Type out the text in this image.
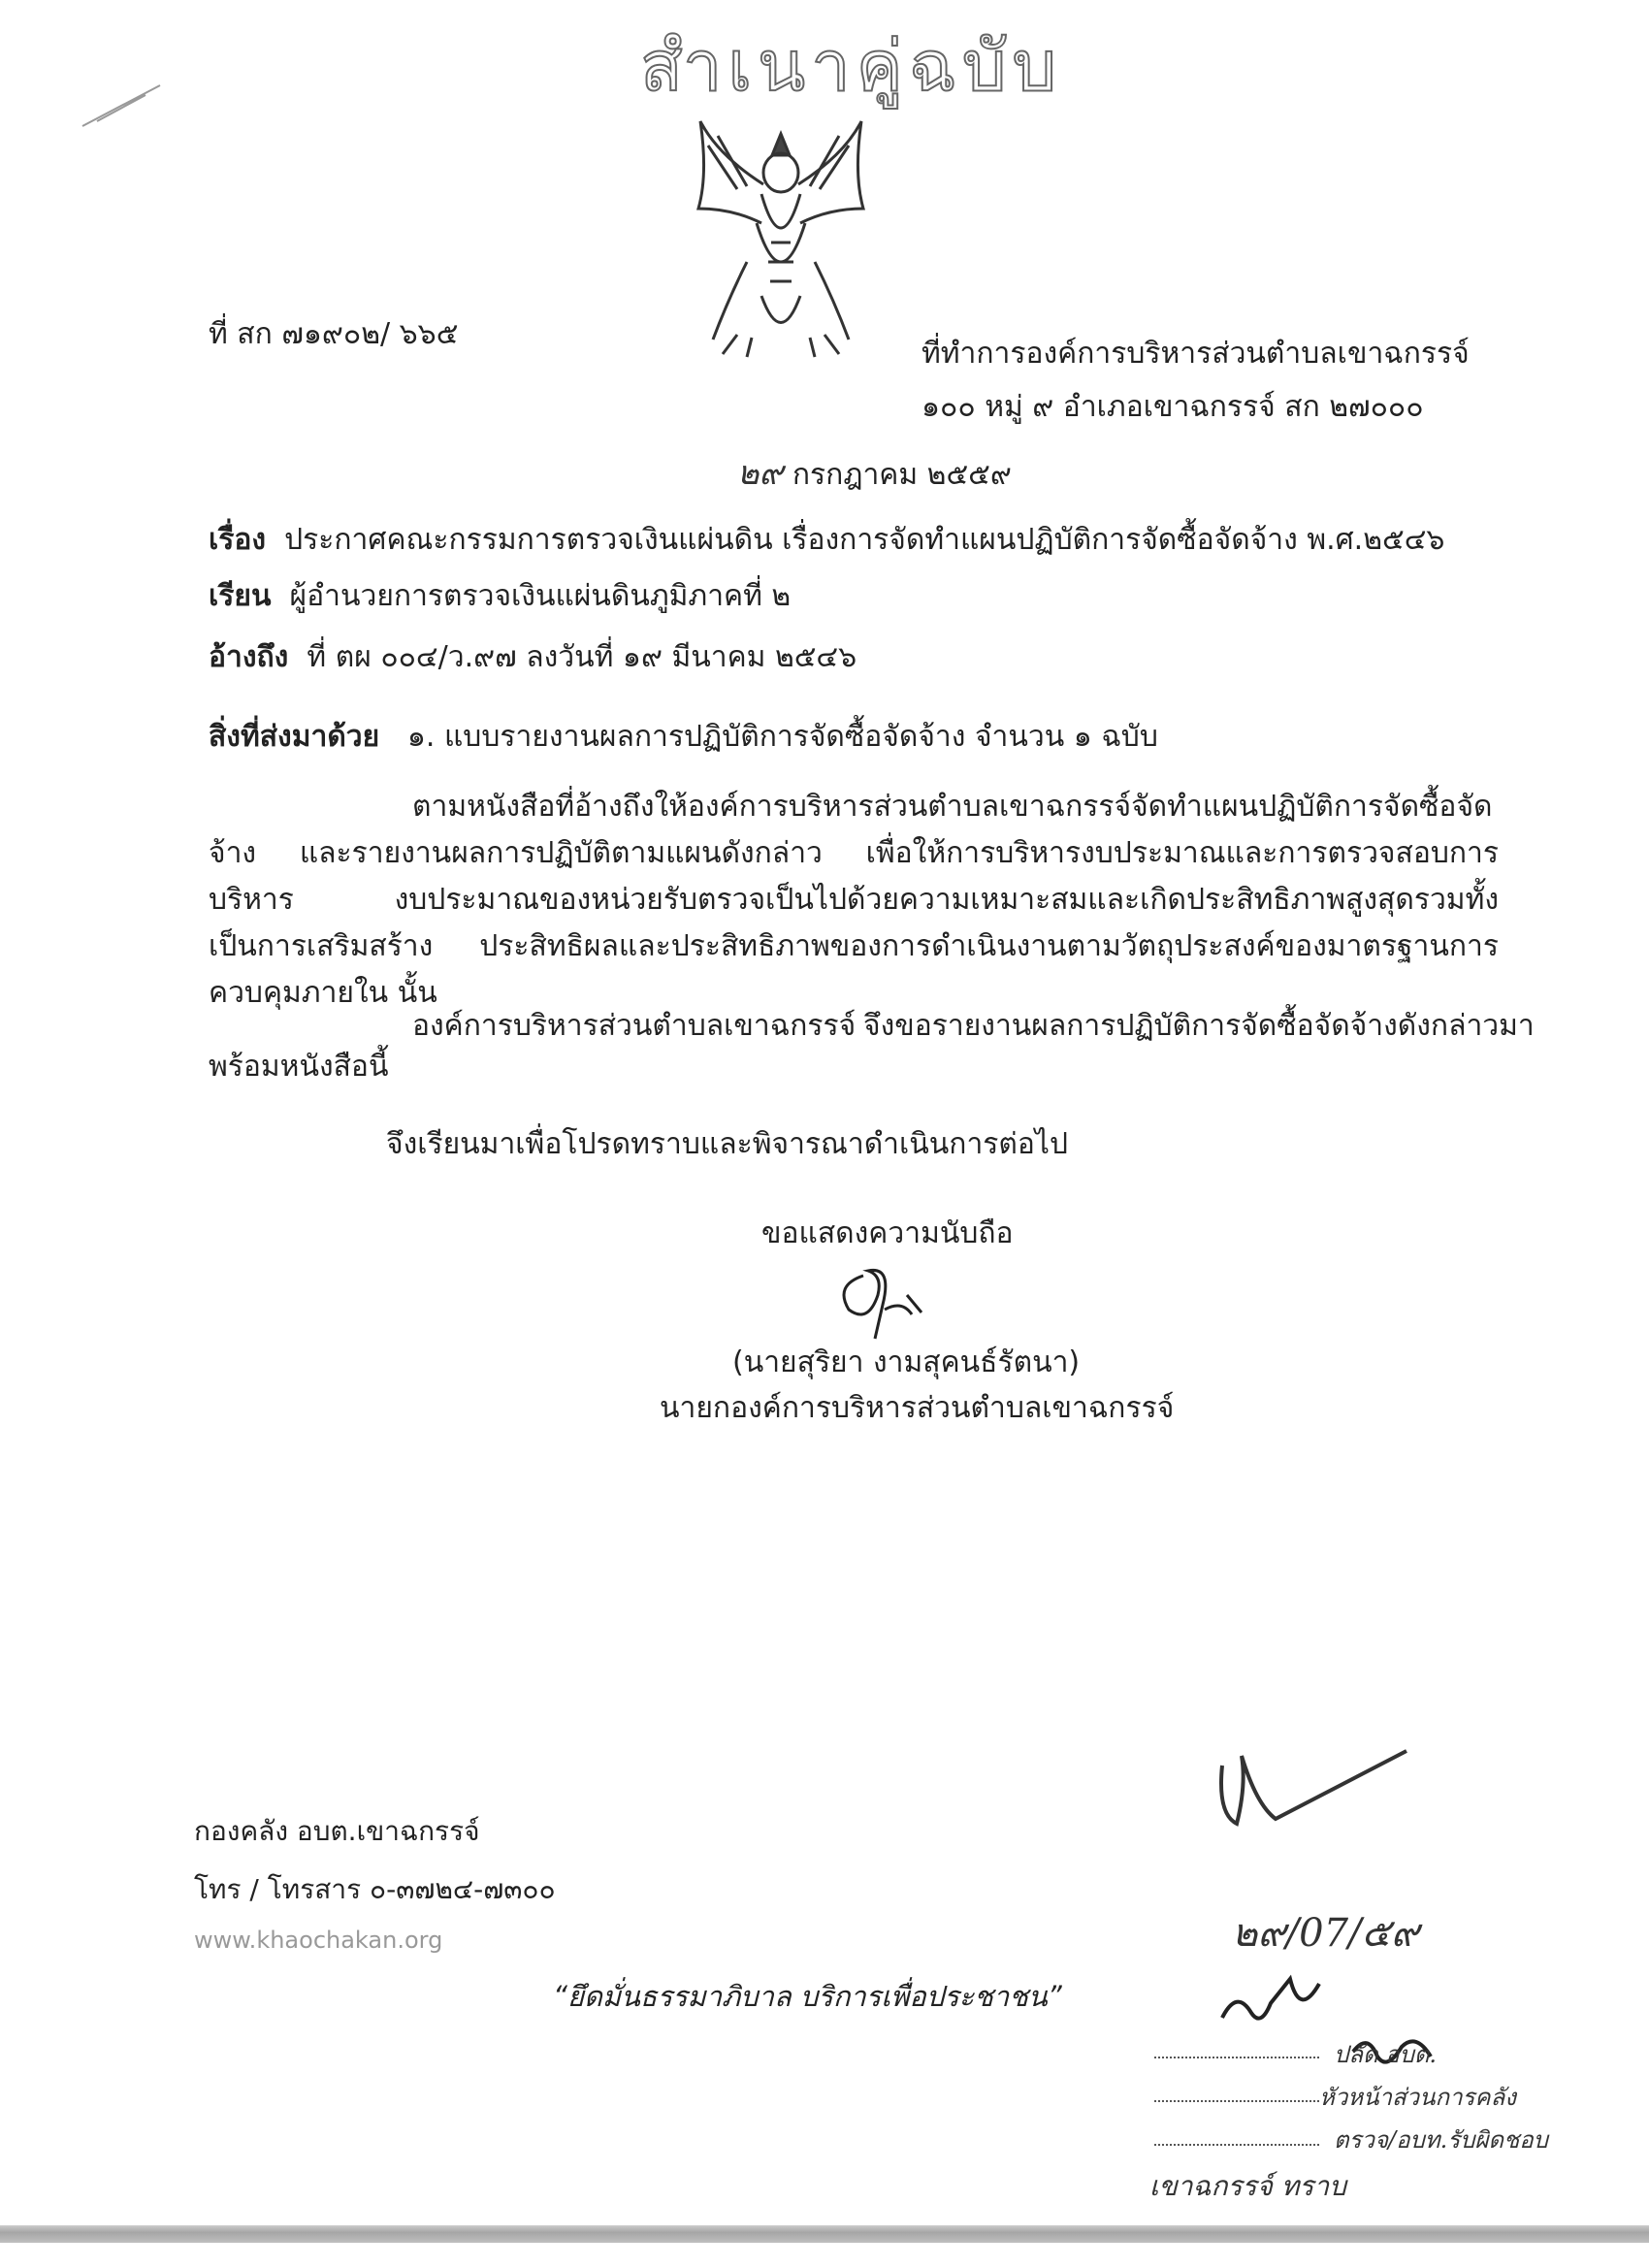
สำเนาคู่ฉบับ
ที่ สก ๗๑๙๐๒/ ๖๖๕
ที่ทำการองค์การบริหารส่วนตำบลเขาฉกรรจ์
๑๐๐ หมู่ ๙ อำเภอเขาฉกรรจ์ สก ๒๗๐๐๐
๒๙ กรกฎาคม ๒๕๕๙
เรื่อง ประกาศคณะกรรมการตรวจเงินแผ่นดิน เรื่องการจัดทำแผนปฏิบัติการจัดซื้อจัดจ้าง พ.ศ.๒๕๔๖
เรียน ผู้อำนวยการตรวจเงินแผ่นดินภูมิภาคที่ ๒
อ้างถึง ที่ ตผ ๐๐๔/ว.๙๗ ลงวันที่ ๑๙ มีนาคม ๒๕๔๖
สิ่งที่ส่งมาด้วย ๑. แบบรายงานผลการปฏิบัติการจัดซื้อจัดจ้าง จำนวน ๑ ฉบับ
ตามหนังสือที่อ้างถึงให้องค์การบริหารส่วนตำบลเขาฉกรรจ์จัดทำแผนปฏิบัติการจัดซื้อจัดจ้าง และรายงานผลการปฏิบัติตามแผนดังกล่าว เพื่อให้การบริหารงบประมาณและการตรวจสอบการบริหาร งบประมาณของหน่วยรับตรวจเป็นไปด้วยความเหมาะสมและเกิดประสิทธิภาพสูงสุดรวมทั้งเป็นการเสริมสร้าง ประสิทธิผลและประสิทธิภาพของการดำเนินงานตามวัตถุประสงค์ของมาตรฐานการควบคุมภายใน นั้น
องค์การบริหารส่วนตำบลเขาฉกรรจ์ จึงขอรายงานผลการปฏิบัติการจัดซื้อจัดจ้างดังกล่าวมา
พร้อมหนังสือนี้
จึงเรียนมาเพื่อโปรดทราบและพิจารณาดำเนินการต่อไป
ขอแสดงความนับถือ
(นายสุริยา งามสุคนธ์รัตนา)
นายกองค์การบริหารส่วนตำบลเขาฉกรรจ์
๒๙/07/๕๙
ปลัด อบต.
หัวหน้าส่วนการคลัง
ตรวจ/อบท.รับผิดชอบ
เขาฉกรรจ์ ทราบ
กองคลัง อบต.เขาฉกรรจ์
โทร / โทรสาร ๐-๓๗๒๔-๗๓๐๐
www.khaochakan.org
“ยึดมั่นธรรมาภิบาล บริการเพื่อประชาชน”
